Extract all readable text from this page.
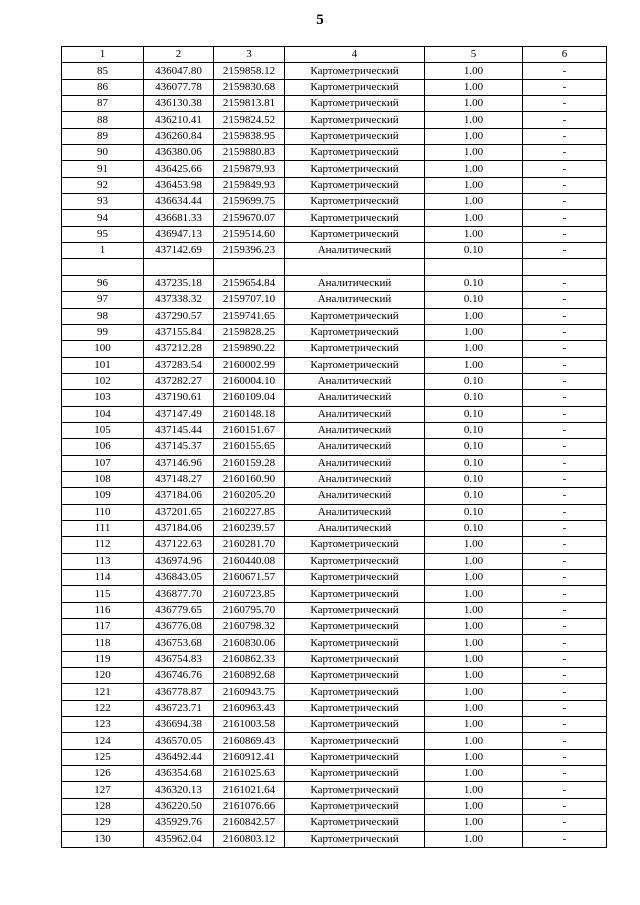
5
1	2	3	4	5	6
85	436047.80	2159858.12	Картометрический	1.00	-
86	436077.78	2159830.68	Картометрический	1.00	-
87	436130.38	2159813.81	Картометрический	1.00	-
88	436210.41	2159824.52	Картометрический	1.00	-
89	436260.84	2159838.95	Картометрический	1.00	-
90	436380.06	2159880.83	Картометрический	1.00	-
91	436425.66	2159879.93	Картометрический	1.00	-
92	436453.98	2159849.93	Картометрический	1.00	-
93	436634.44	2159699.75	Картометрический	1.00	-
94	436681.33	2159670.07	Картометрический	1.00	-
95	436947.13	2159514.60	Картометрический	1.00	-
1	437142.69	2159396.23	Аналитический	0.10	-

96	437235.18	2159654.84	Аналитический	0.10	-
97	437338.32	2159707.10	Аналитический	0.10	-
98	437290.57	2159741.65	Картометрический	1.00	-
99	437155.84	2159828.25	Картометрический	1.00	-
100	437212.28	2159890.22	Картометрический	1.00	-
101	437283.54	2160002.99	Картометрический	1.00	-
102	437282.27	2160004.10	Аналитический	0.10	-
103	437190.61	2160109.04	Аналитический	0.10	-
104	437147.49	2160148.18	Аналитический	0.10	-
105	437145.44	2160151.67	Аналитический	0.10	-
106	437145.37	2160155.65	Аналитический	0.10	-
107	437146.96	2160159.28	Аналитический	0.10	-
108	437148.27	2160160.90	Аналитический	0.10	-
109	437184.06	2160205.20	Аналитический	0.10	-
110	437201.65	2160227.85	Аналитический	0.10	-
111	437184.06	2160239.57	Аналитический	0.10	-
112	437122.63	2160281.70	Картометрический	1.00	-
113	436974.96	2160440.08	Картометрический	1.00	-
114	436843.05	2160671.57	Картометрический	1.00	-
115	436877.70	2160723.85	Картометрический	1.00	-
116	436779.65	2160795.70	Картометрический	1.00	-
117	436776.08	2160798.32	Картометрический	1.00	-
118	436753.68	2160830.06	Картометрический	1.00	-
119	436754.83	2160862.33	Картометрический	1.00	-
120	436746.76	2160892.68	Картометрический	1.00	-
121	436778.87	2160943.75	Картометрический	1.00	-
122	436723.71	2160963.43	Картометрический	1.00	-
123	436694.38	2161003.58	Картометрический	1.00	-
124	436570.05	2160869.43	Картометрический	1.00	-
125	436492.44	2160912.41	Картометрический	1.00	-
126	436354.68	2161025.63	Картометрический	1.00	-
127	436320.13	2161021.64	Картометрический	1.00	-
128	436220.50	2161076.66	Картометрический	1.00	-
129	435929.76	2160842.57	Картометрический	1.00	-
130	435962.04	2160803.12	Картометрический	1.00	-
